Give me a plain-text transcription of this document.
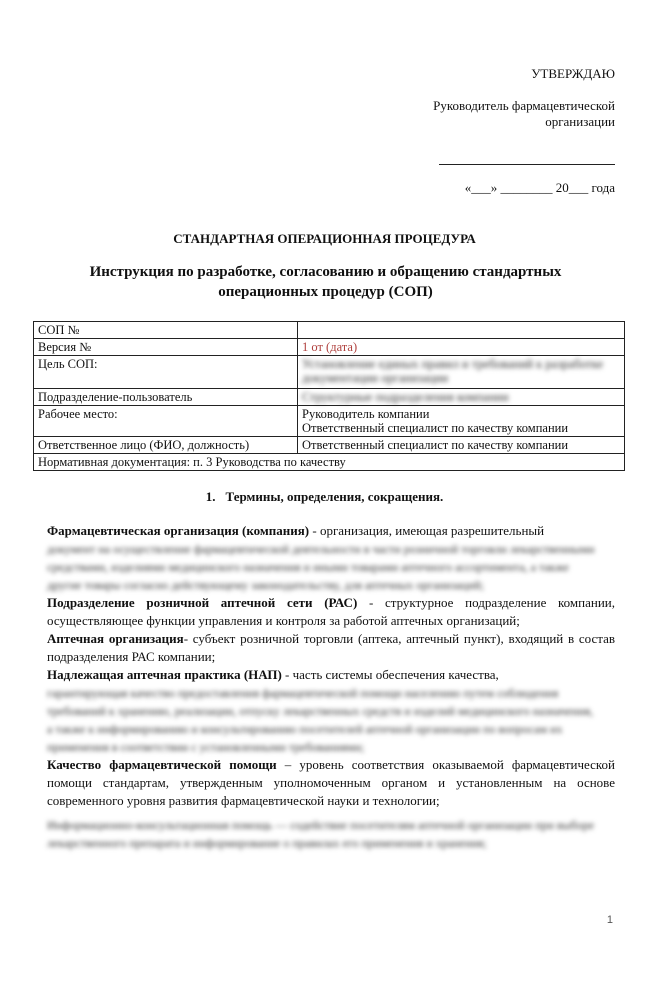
УТВЕРЖДАЮ
Руководитель фармацевтической организации
«___» ________ 20___ года
СТАНДАРТНАЯ ОПЕРАЦИОННАЯ ПРОЦЕДУРА
Инструкция по разработке, согласованию и обращению стандартных операционных процедур (СОП)
СОП №	
Версия №	1 от (дата)
Цель СОП:	Установление единых правил и требований к разработке документации организации
Подразделение-пользователь	Структурные подразделения компании
Рабочее место:	Руководитель компании
Ответственный специалист по качеству компании

Ответственное лицо (ФИО, должность)	Ответственный специалист по качеству компании
Нормативная документация: п. 3 Руководства по качеству	
1. Термины, определения, сокращения.

Фармацевтическая организация (компания) - организация, имеющая разрешительный
документ на осуществление фармацевтической деятельности в части розничной торговли лекарственными
средствами, изделиями медицинского назначения и иными товарами аптечного ассортимента, а также
другие товары согласно действующему законодательству, для аптечных организаций;

Подразделение розничной аптечной сети (РАС) - структурное подразделение компании, осуществляющее функции управления и контроля за работой аптечных организаций;

Аптечная организация- субъект розничной торговли (аптека, аптечный пункт), входящий в состав подразделения РАС компании;

Надлежащая аптечная практика (НАП) - часть системы обеспечения качества,
гарантирующая качество предоставления фармацевтической помощи населению путем соблюдения
требований к хранению, реализации, отпуску лекарственных средств и изделий медицинского назначения,
а также к информированию и консультированию посетителей аптечной организации по вопросам их
применения в соответствии с установленными требованиями;

Качество фармацевтической помощи – уровень соответствия оказываемой фармацевтической помощи стандартам, утвержденным уполномоченным органом и установленным на основе современного уровня развития фармацевтической науки и технологии;
Информационно-консультационная помощь — содействие посетителям аптечной организации при выборе
лекарственного препарата и информирование о правилах его применения и хранения;

1
